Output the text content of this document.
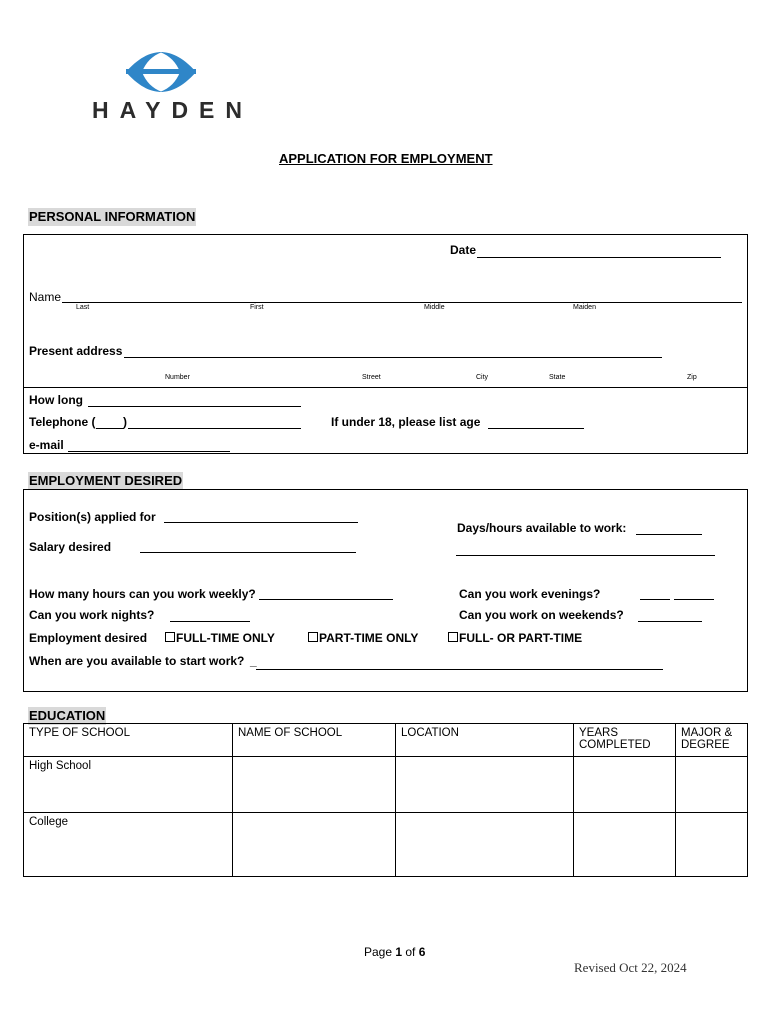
HAYDEN
APPLICATION FOR EMPLOYMENT
PERSONAL INFORMATION
Date
Name
Last	First	Middle	Maiden
Present address
Number	Street	City	State	Zip
How long
Telephone ( )	If under 18, please list age
e-mail
EMPLOYMENT DESIRED
Position(s) applied for
Days/hours available to work:
Salary desired
How many hours can you work weekly?	Can you work evenings?
Can you work nights?	Can you work on weekends?
Employment desired FULL-TIME ONLY	PART-TIME ONLY	FULL- OR PART-TIME
When are you available to start work? _
EDUCATION
TYPE OF SCHOOL	NAME OF SCHOOL	LOCATION	YEARS COMPLETED	MAJOR & DEGREE
High School				
College				
Page 1 of 6
Revised Oct 22, 2024
